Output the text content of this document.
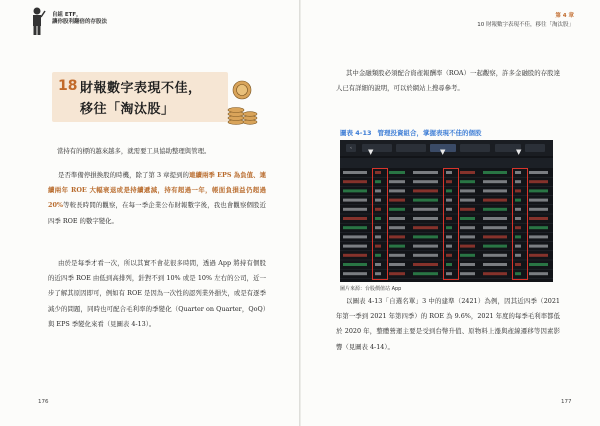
自組 ETF，
讓你股利翻倍的存股法
第 4 章
10 財報數字表現不佳，移往「淘汰股」
18 財報數字表現不佳，
移往「淘汰股」
當持有的標的越來越多，就需要工具協助整理與管理。
是否準備停損換股的時機，除了第 3 章提到的連續兩季 EPS 為負值、連續兩年 ROE 大幅衰退或是持續遞減，持有超過一年，帳面負損益仍超過 20%等較長時間的觀察，在每一季企業公布財報數字後，我也會觀察個股近四季 ROE 的數字變化。
由於是每季才看一次，所以其實不會花很多時間，透過 App 將持有個股的近四季 ROE 由低到高排列，針對不到 10% 或是 10% 左右的公司，近一步了解其原因即可，例如有 ROE 是因為一次性的認列業外損失，或是有逐季減少的問題，同時也可配合毛利率的季變化（Quarter on Quarter，QoQ）與 EPS 季變化來看（見圖表 4-13）。
176
其中金融類股必須配合資產報酬率（ROA）一起觀察，許多金融股的存股達人已有詳細的說明，可以於網站上搜尋參考。
圖表 4-13 管理投資組合，掌握表現不佳的個股
‹
▼	▼	▼
圖片來源：台股價值站 App
以圖表 4-13「自選名單」3 中的建準（2421）為例，因其近四季（2021 年第一季到 2021 年第四季）的 ROE 為 9.6%，2021 年度的每季毛利率都低於 2020 年，整體營運主要是受到台幣升值、原物料上漲與產線遷移等因素影響（見圖表 4-14）。
177
